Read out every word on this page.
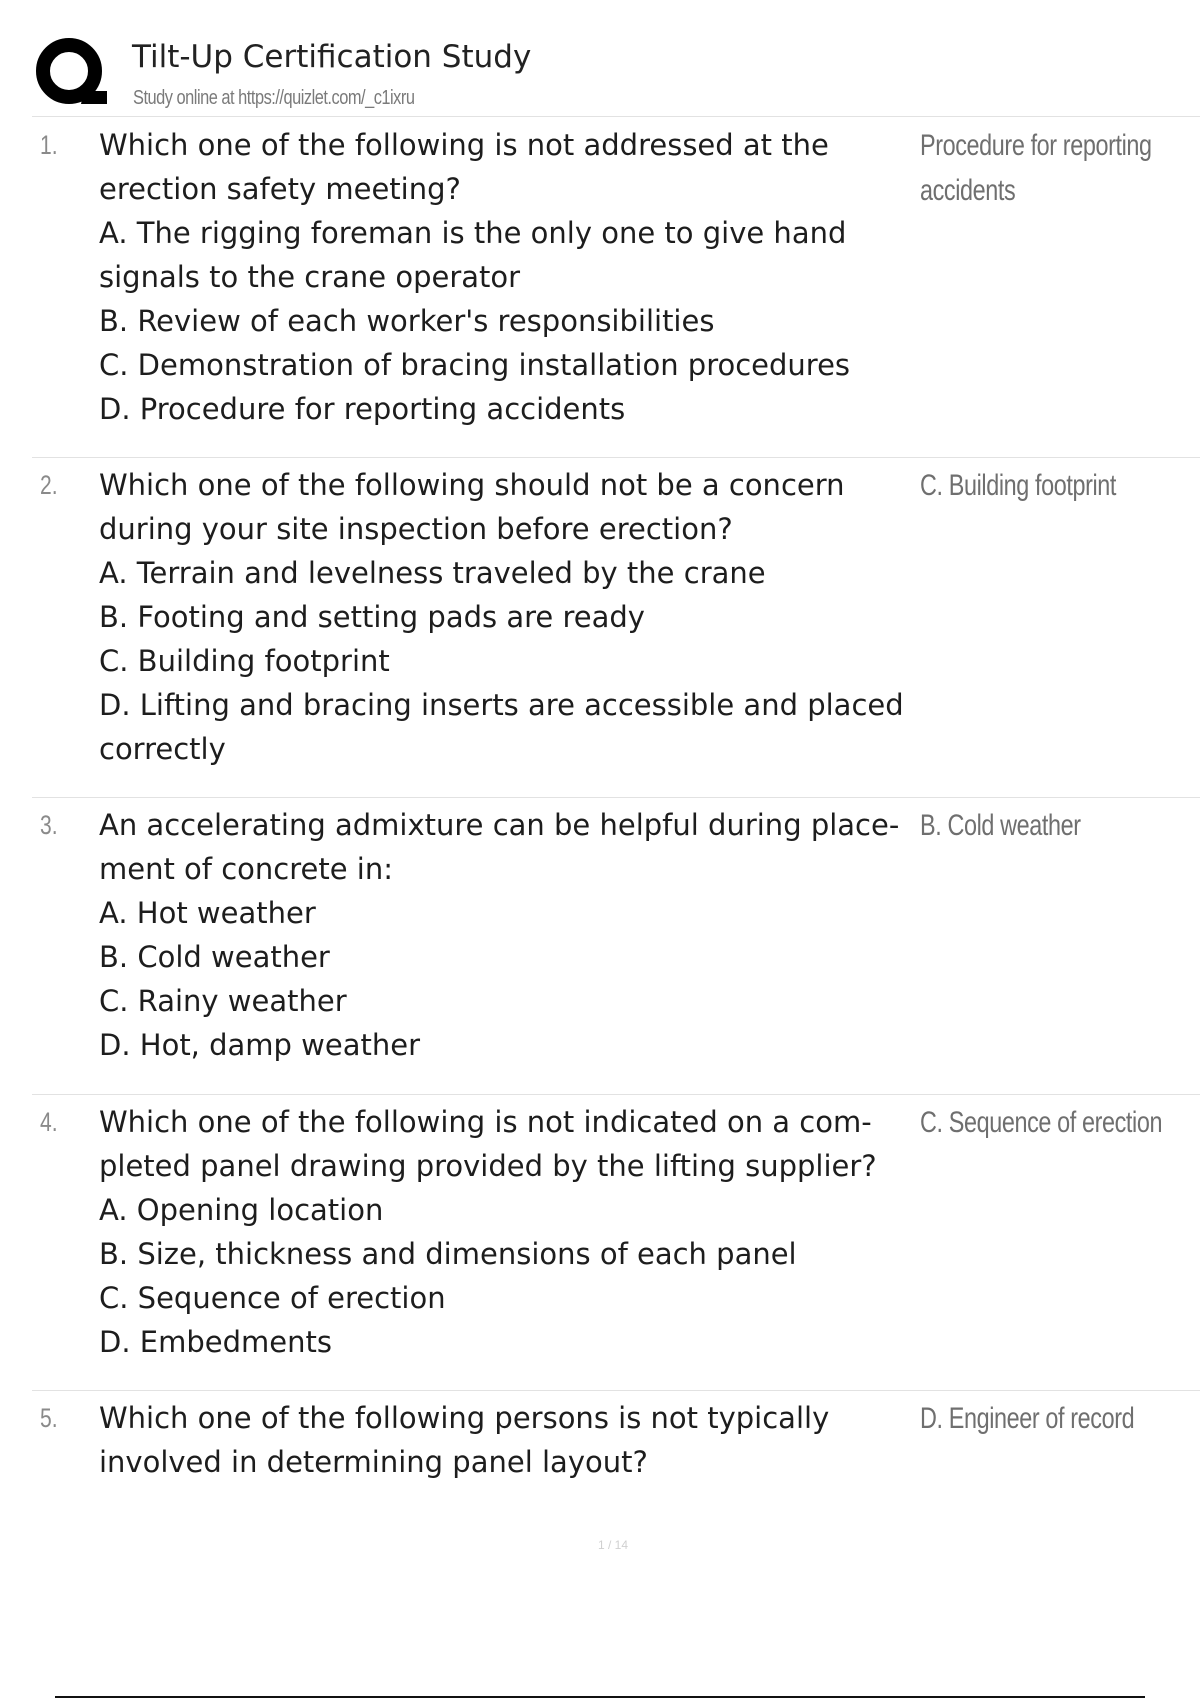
Tilt-Up Certification Study
Study online at https://quizlet.com/_c1ixru
1. Which one of the following is not addressed at the
erection safety meeting?
A. The rigging foreman is the only one to give hand
signals to the crane operator
B. Review of each worker's responsibilities
C. Demonstration of bracing installation procedures
D. Procedure for reporting accidents
Procedure for reporting
accidents
2. Which one of the following should not be a concern
during your site inspection before erection?
A. Terrain and levelness traveled by the crane
B. Footing and setting pads are ready
C. Building footprint
D. Lifting and bracing inserts are accessible and placed
correctly
C. Building footprint
3. An accelerating admixture can be helpful during place-
ment of concrete in:
A. Hot weather
B. Cold weather
C. Rainy weather
D. Hot, damp weather
B. Cold weather
4. Which one of the following is not indicated on a com-
pleted panel drawing provided by the lifting supplier?
A. Opening location
B. Size, thickness and dimensions of each panel
C. Sequence of erection
D. Embedments
C. Sequence of erection
5. Which one of the following persons is not typically
involved in determining panel layout?
D. Engineer of record
1 / 14
